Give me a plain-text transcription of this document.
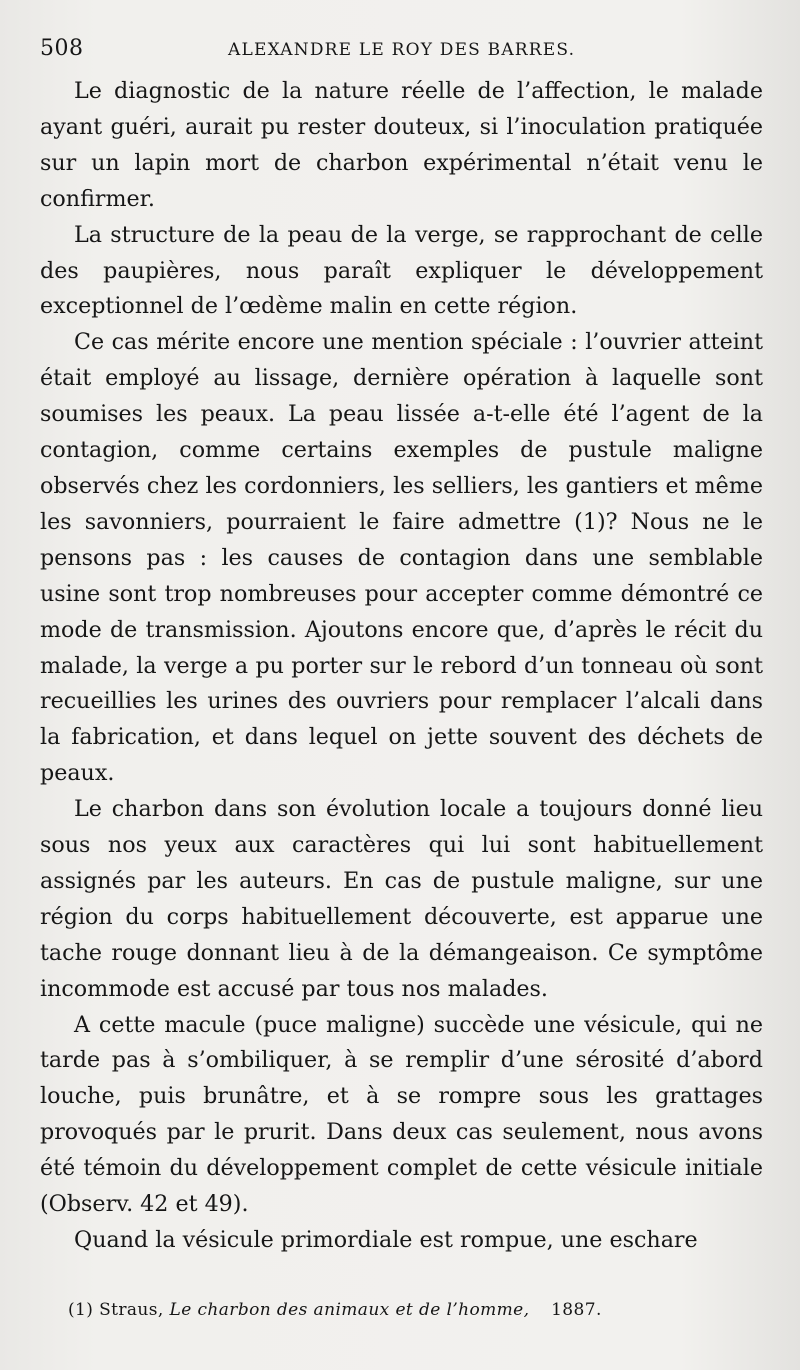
508	ALEXANDRE LE ROY DES BARRES.

Le diagnostic de la nature réelle de l’affection, le malade ayant guéri, aurait pu rester douteux, si l’inoculation pratiquée sur un lapin mort de charbon expérimental n’était venu le confirmer.

La structure de la peau de la verge, se rapprochant de celle des paupières, nous paraît expliquer le développement exceptionnel de l’œdème malin en cette région.

Ce cas mérite encore une mention spéciale : l’ouvrier atteint était employé au lissage, dernière opération à laquelle sont soumises les peaux. La peau lissée a-t-elle été l’agent de la contagion, comme certains exemples de pustule maligne observés chez les cordonniers, les selliers, les gantiers et même les savonniers, pourraient le faire admettre (1)? Nous ne le pensons pas : les causes de contagion dans une semblable usine sont trop nombreuses pour accepter comme démontré ce mode de transmission. Ajoutons encore que, d’après le récit du malade, la verge a pu porter sur le rebord d’un tonneau où sont recueillies les urines des ouvriers pour remplacer l’alcali dans la fabrication, et dans lequel on jette souvent des déchets de peaux.

Le charbon dans son évolution locale a toujours donné lieu sous nos yeux aux caractères qui lui sont habituellement assignés par les auteurs. En cas de pustule maligne, sur une région du corps habituellement découverte, est apparue une tache rouge donnant lieu à de la démangeaison. Ce symptôme incommode est accusé par tous nos malades.

A cette macule (puce maligne) succède une vésicule, qui ne tarde pas à s’ombiliquer, à se remplir d’une sérosité d’abord louche, puis brunâtre, et à se rompre sous les grattages provoqués par le prurit. Dans deux cas seulement, nous avons été témoin du développement complet de cette vésicule initiale (Observ. 42 et 49).

Quand la vésicule primordiale est rompue, une eschare

(1) Straus, Le charbon des animaux et de l’homme, 1887.
